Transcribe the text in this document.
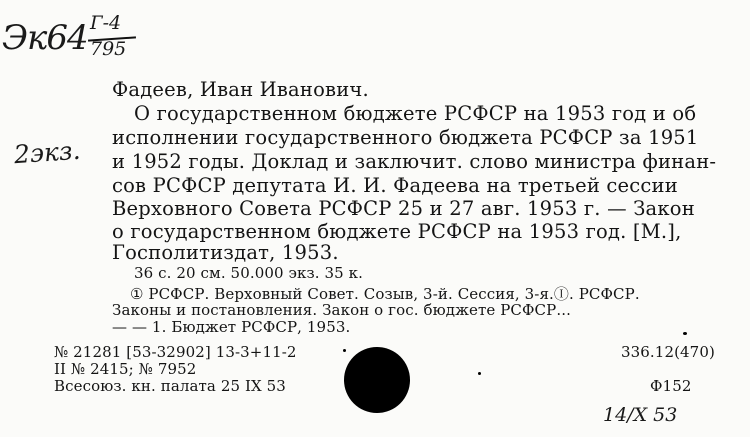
Эк64 Г-4
795
2экз.
Фадеев, Иван Иванович.
О государственном бюджете РСФСР на 1953 год и об
исполнении государственного бюджета РСФСР за 1951
и 1952 годы. Доклад и заключит. слово министра финан-
сов РСФСР депутата И. И. Фадеева на третьей сессии
Верховного Совета РСФСР 25 и 27 авг. 1953 г. — Закон
о государственном бюджете РСФСР на 1953 год. [М.],
Госполитиздат, 1953.
36 с. 20 см. 50.000 экз. 35 к.
① РСФСР. Верховный Совет. Созыв, 3-й. Сессия, 3-я.Ⓘ. РСФСР.
Законы и постановления. Закон о гос. бюджете РСФСР...
— — 1. Бюджет РСФСР, 1953.
№ 21281 [53-32902] 13-3+11-2	336.12(470)
II № 2415; № 7952
Всесоюз. кн. палата 25 IX 53	Ф152
14/X 53
